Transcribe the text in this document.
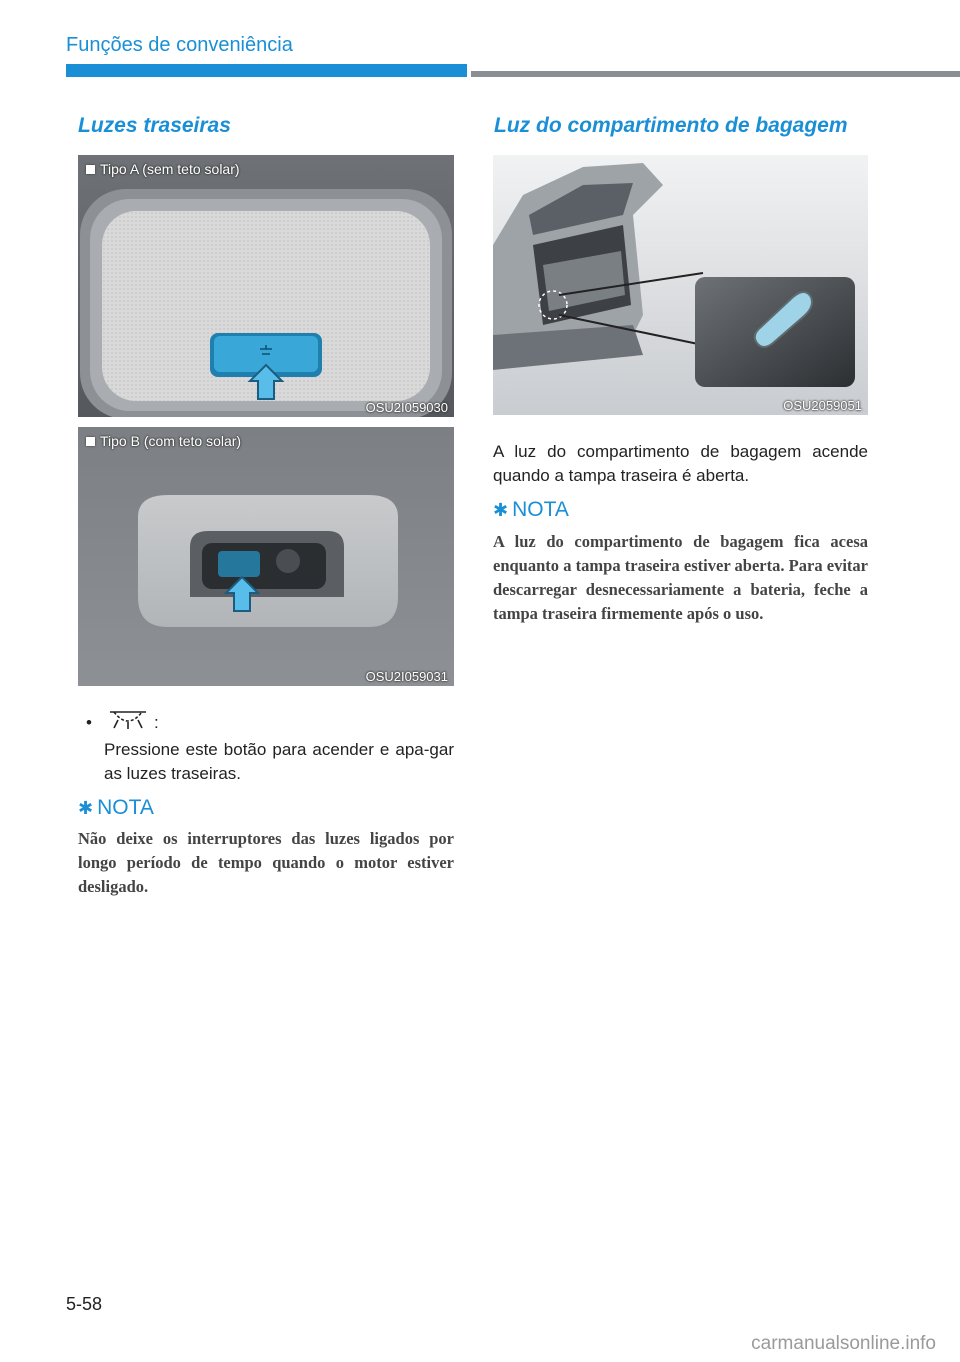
Funções de conveniência
Luzes traseiras
Tipo A (sem teto solar)
OSU2I059030
Tipo B (com teto solar)
OSU2I059031
•	:
Pressione este botão para acender e apa-gar as luzes traseiras.
✱ NOTA
Não deixe os interruptores das luzes ligados por longo período de tempo quando o motor estiver desligado.
Luz do compartimento de bagagem
OSU2059051
A luz do compartimento de bagagem acende quando a tampa traseira é aberta.
✱ NOTA
A luz do compartimento de bagagem fica acesa enquanto a tampa traseira estiver aberta. Para evitar descarregar desnecessariamente a bateria, feche a tampa traseira firmemente após o uso.
5-58
carmanualsonline.info
